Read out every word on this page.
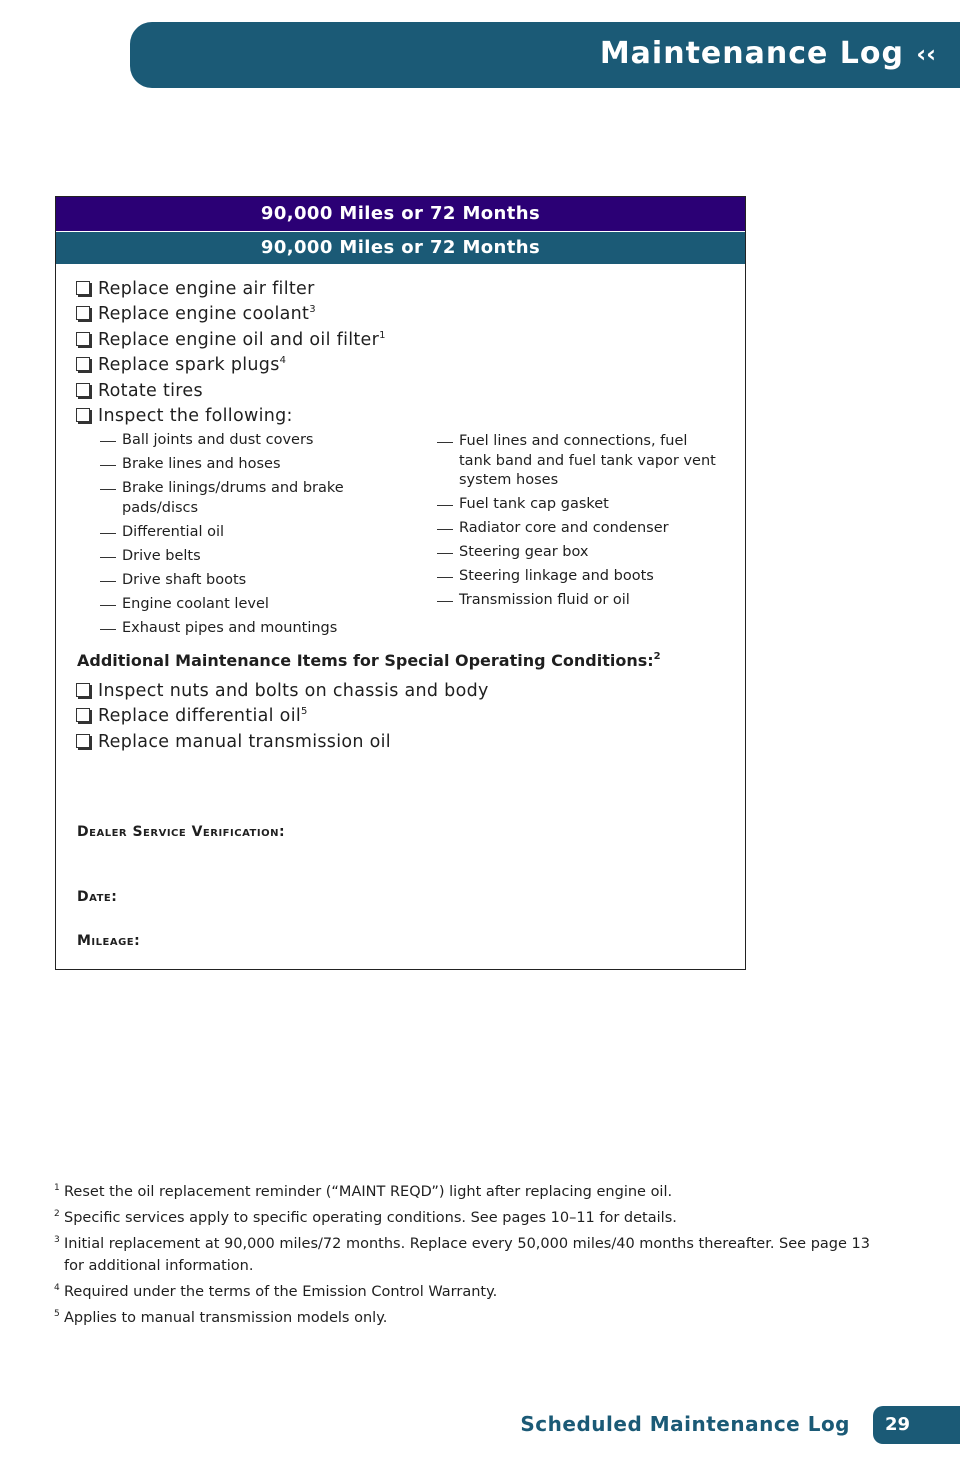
Maintenance Log ‹‹
90,000 Miles or 72 Months
90,000 Miles or 72 Months
Replace engine air filter
Replace engine coolant$^3$
Replace engine oil and oil filter$^1$
Replace spark plugs$^4$
Rotate tires
Inspect the following:
Ball joints and dust covers
Brake lines and hoses
Brake linings/drums and brake pads/discs
Differential oil
Drive belts
Drive shaft boots
Engine coolant level
Exhaust pipes and mountings
Fuel lines and connections, fuel tank band and fuel tank vapor vent system hoses
Fuel tank cap gasket
Radiator core and condenser
Steering gear box
Steering linkage and boots
Transmission fluid or oil
Additional Maintenance Items for Special Operating Conditions:$^2$
Inspect nuts and bolts on chassis and body
Replace differential oil$^5$
Replace manual transmission oil
Dealer Service Verification:
Date:
Mileage:
1 Reset the oil replacement reminder (“MAINT REQD”) light after replacing engine oil.
2 Specific services apply to specific operating conditions. See pages 10–11 for details.
3 Initial replacement at 90,000 miles/72 months. Replace every 50,000 miles/40 months thereafter. See page 13 for additional information.
4 Required under the terms of the Emission Control Warranty.
5 Applies to manual transmission models only.
Scheduled Maintenance Log	29
